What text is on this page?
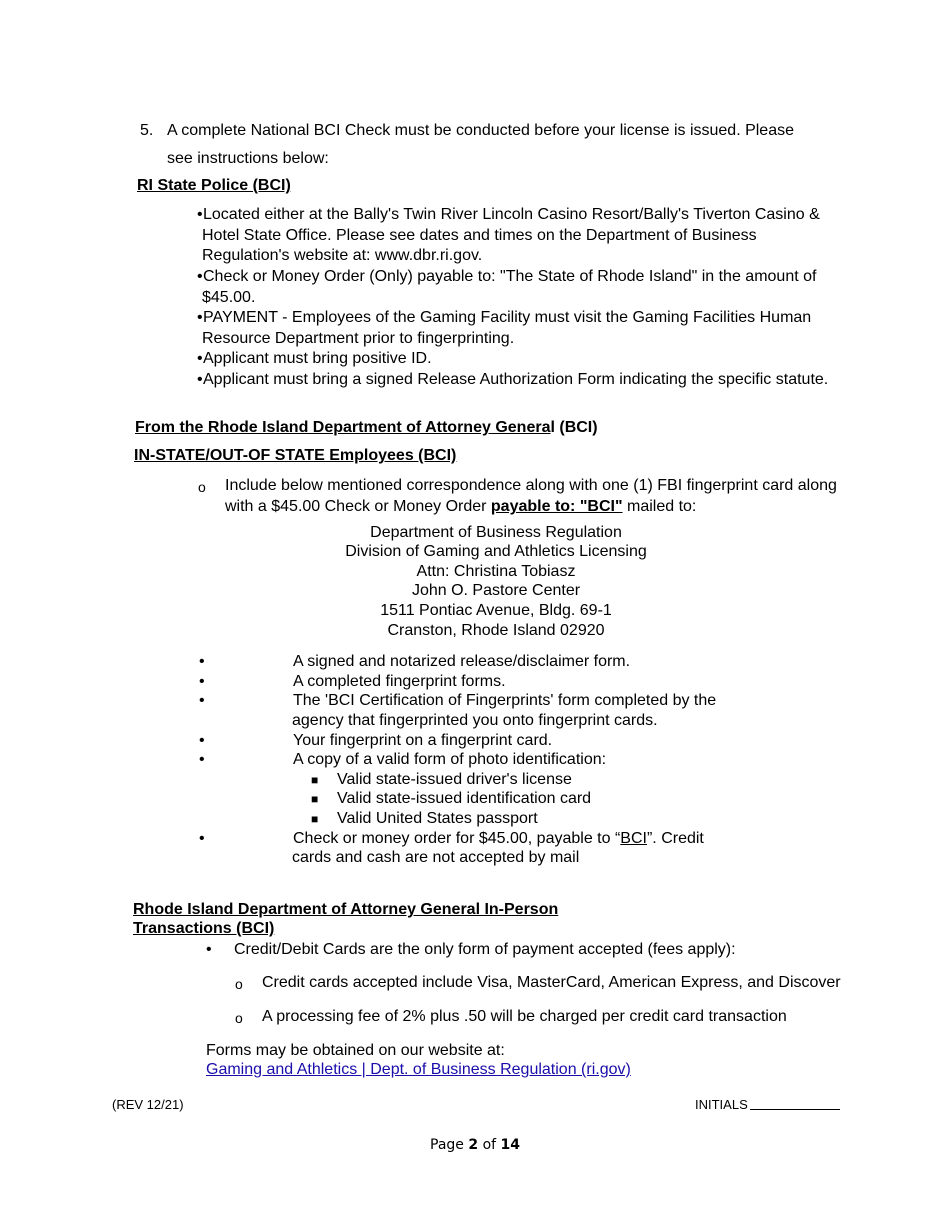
5. A complete National BCI Check must be conducted before your license is issued. Please
see instructions below:
RI State Police (BCI)
• Located either at the Bally's Twin River Lincoln Casino Resort/Bally's Tiverton Casino &
Hotel State Office. Please see dates and times on the Department of Business
Regulation's website at: www.dbr.ri.gov.
• Check or Money Order (Only) payable to: "The State of Rhode Island" in the amount of
$45.00.
• PAYMENT - Employees of the Gaming Facility must visit the Gaming Facilities Human
Resource Department prior to fingerprinting.
• Applicant must bring positive ID.
• Applicant must bring a signed Release Authorization Form indicating the specific statute.
From the Rhode Island Department of Attorney General (BCI)
IN-STATE/OUT-OF STATE Employees (BCI)
o Include below mentioned correspondence along with one (1) FBI fingerprint card along
with a $45.00 Check or Money Order payable to: "BCI" mailed to:
Department of Business Regulation
Division of Gaming and Athletics Licensing
Attn: Christina Tobiasz
John O. Pastore Center
1511 Pontiac Avenue, Bldg. 69-1
Cranston, Rhode Island 02920
•	A signed and notarized release/disclaimer form.
•	A completed fingerprint forms.
•	The 'BCI Certification of Fingerprints' form completed by the
agency that fingerprinted you onto fingerprint cards.
•	Your fingerprint on a fingerprint card.
•	A copy of a valid form of photo identification:
■ Valid state-issued driver's license
■ Valid state-issued identification card
■ Valid United States passport
•	Check or money order for $45.00, payable to “BCI”. Credit
cards and cash are not accepted by mail
Rhode Island Department of Attorney General In-Person
Transactions (BCI)
• Credit/Debit Cards are the only form of payment accepted (fees apply):
o Credit cards accepted include Visa, MasterCard, American Express, and Discover
o A processing fee of 2% plus .50 will be charged per credit card transaction
Forms may be obtained on our website at:
Gaming and Athletics | Dept. of Business Regulation (ri.gov)
(REV 12/21)	INITIALS
Page 2 of 14
